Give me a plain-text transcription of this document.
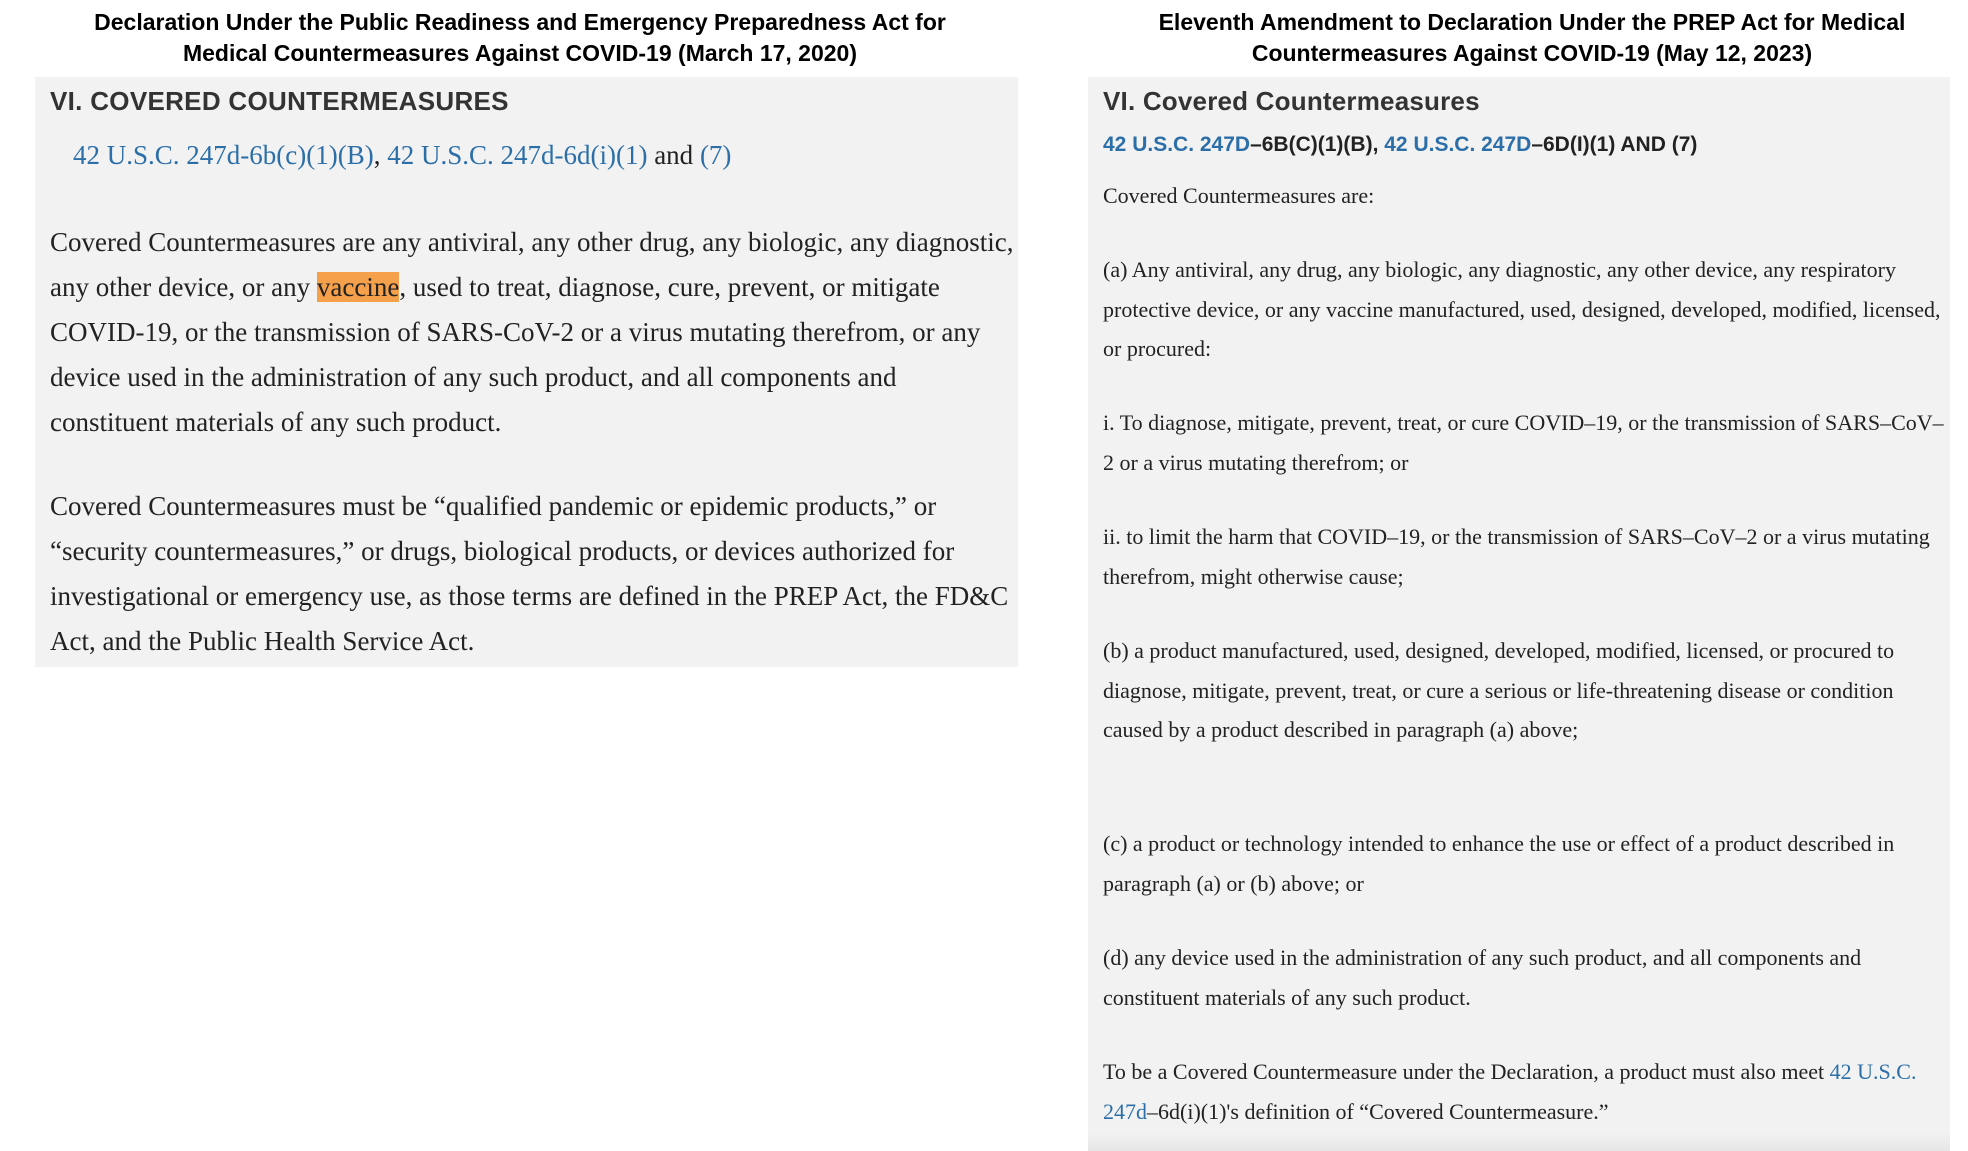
Declaration Under the Public Readiness and Emergency Preparedness Act for
Medical Countermeasures Against COVID-19 (March 17, 2020)
Eleventh Amendment to Declaration Under the PREP Act for Medical
Countermeasures Against COVID-19 (May 12, 2023)
VI. COVERED COUNTERMEASURES
42 U.S.C. 247d-6b(c)(1)(B), 42 U.S.C. 247d-6d(i)(1) and (7)

Covered Countermeasures are any antiviral, any other drug, any biologic, any diagnostic, any other device, or any vaccine, used to treat, diagnose, cure, prevent, or mitigate COVID-19, or the transmission of SARS-CoV-2 or a virus mutating therefrom, or any device used in the administration of any such product, and all components and constituent materials of any such product.

Covered Countermeasures must be “qualified pandemic or epidemic products,” or “security countermeasures,” or drugs, biological products, or devices authorized for investigational or emergency use, as those terms are defined in the PREP Act, the FD&C Act, and the Public Health Service Act.

VI. Covered Countermeasures
42 U.S.C. 247D–6B(C)(1)(B), 42 U.S.C. 247D–6D(I)(1) AND (7)

Covered Countermeasures are:

(a) Any antiviral, any drug, any biologic, any diagnostic, any other device, any respiratory protective device, or any vaccine manufactured, used, designed, developed, modified, licensed, or procured:

i. To diagnose, mitigate, prevent, treat, or cure COVID–19, or the transmission of SARS–CoV–2 or a virus mutating therefrom; or

ii. to limit the harm that COVID–19, or the transmission of SARS–CoV–2 or a virus mutating therefrom, might otherwise cause;

(b) a product manufactured, used, designed, developed, modified, licensed, or procured to diagnose, mitigate, prevent, treat, or cure a serious or life-threatening disease or condition caused by a product described in paragraph (a) above;

(c) a product or technology intended to enhance the use or effect of a product described in paragraph (a) or (b) above; or

(d) any device used in the administration of any such product, and all components and constituent materials of any such product.

To be a Covered Countermeasure under the Declaration, a product must also meet 42 U.S.C. 247d–6d(i)(1)'s definition of “Covered Countermeasure.”
